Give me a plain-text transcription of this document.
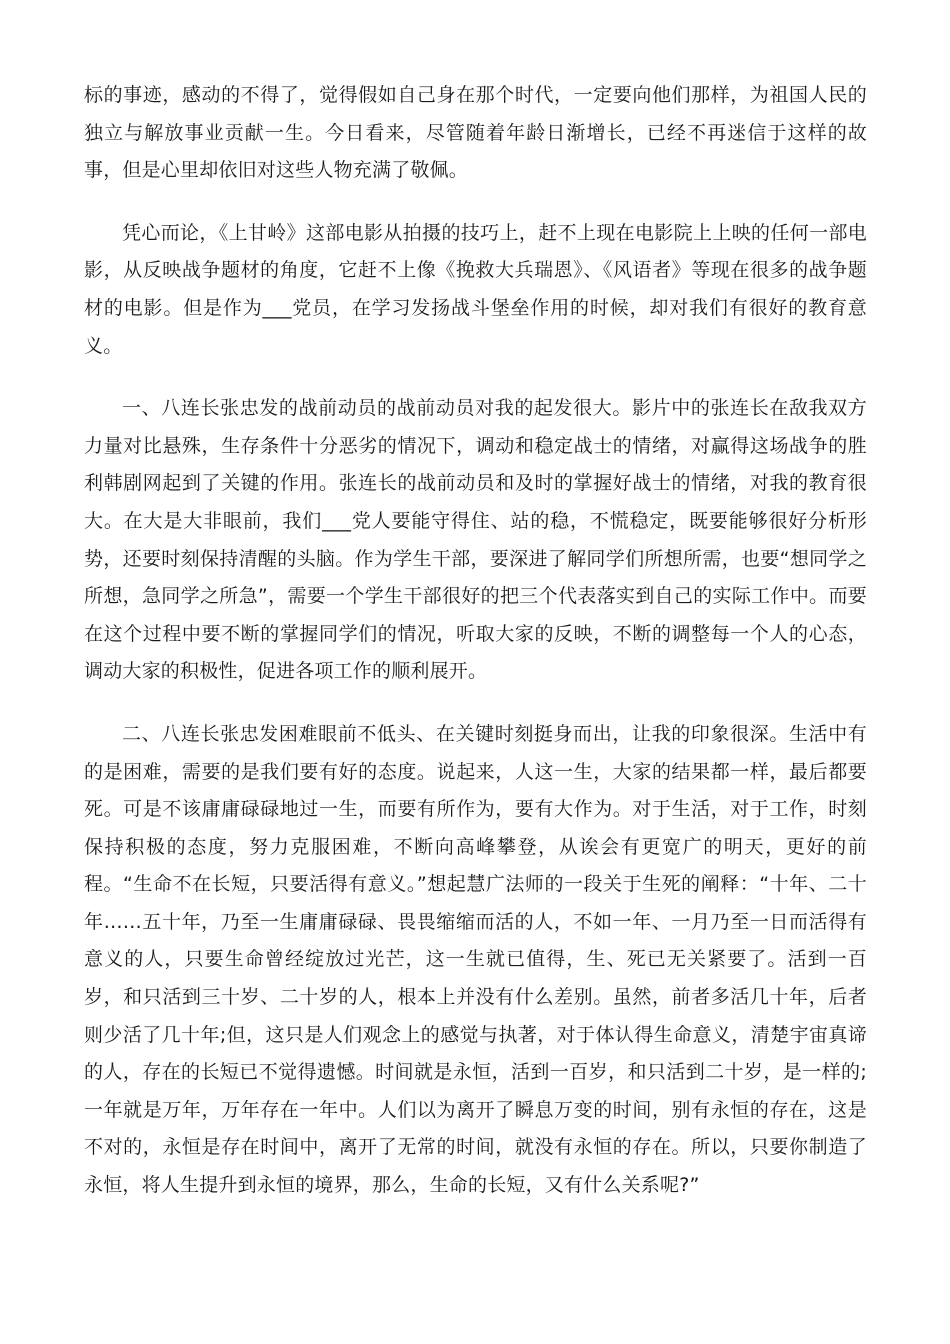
标的事迹，感动的不得了，觉得假如自己身在那个时代，一定要向他们那样，为祖国人民的独立与解放事业贡献一生。今日看来，尽管随着年龄日渐增长，已经不再迷信于这样的故事，但是心里却依旧对这些人物充满了敬佩。

凭心而论，《上甘岭》这部电影从拍摄的技巧上，赶不上现在电影院上上映的任何一部电影，从反映战争题材的角度，它赶不上像《挽救大兵瑞恩》、《风语者》等现在很多的战争题材的电影。但是作为___党员，在学习发扬战斗堡垒作用的时候，却对我们有很好的教育意义。

一、八连长张忠发的战前动员的战前动员对我的起发很大。影片中的张连长在敌我双方力量对比悬殊，生存条件十分恶劣的情况下，调动和稳定战士的情绪，对赢得这场战争的胜利韩剧网起到了关键的作用。张连长的战前动员和及时的掌握好战士的情绪，对我的教育很大。在大是大非眼前，我们___党人要能守得住、站的稳，不慌稳定，既要能够很好分析形势，还要时刻保持清醒的头脑。作为学生干部，要深进了解同学们所想所需，也要“想同学之所想，急同学之所急”，需要一个学生干部很好的把三个代表落实到自己的实际工作中。而要在这个过程中要不断的掌握同学们的情况，听取大家的反映，不断的调整每一个人的心态，调动大家的积极性，促进各项工作的顺利展开。

二、八连长张忠发困难眼前不低头、在关键时刻挺身而出，让我的印象很深。生活中有的是困难，需要的是我们要有好的态度。说起来，人这一生，大家的结果都一样，最后都要死。可是不该庸庸碌碌地过一生，而要有所作为，要有大作为。对于生活，对于工作，时刻保持积极的态度，努力克服困难，不断向高峰攀登，从诶会有更宽广的明天，更好的前程。“生命不在长短，只要活得有意义。”想起慧广法师的一段关于生死的阐释：“十年、二十年……五十年，乃至一生庸庸碌碌、畏畏缩缩而活的人，不如一年、一月乃至一日而活得有意义的人，只要生命曾经绽放过光芒，这一生就已值得，生、死已无关紧要了。活到一百岁，和只活到三十岁、二十岁的人，根本上并没有什么差别。虽然，前者多活几十年，后者则少活了几十年;但，这只是人们观念上的感觉与执著，对于体认得生命意义，清楚宇宙真谛的人，存在的长短已不觉得遗憾。时间就是永恒，活到一百岁，和只活到二十岁，是一样的;一年就是万年，万年存在一年中。人们以为离开了瞬息万变的时间，别有永恒的存在，这是不对的，永恒是存在时间中，离开了无常的时间，就没有永恒的存在。所以，只要你制造了永恒，将人生提升到永恒的境界，那么，生命的长短，又有什么关系呢?”
